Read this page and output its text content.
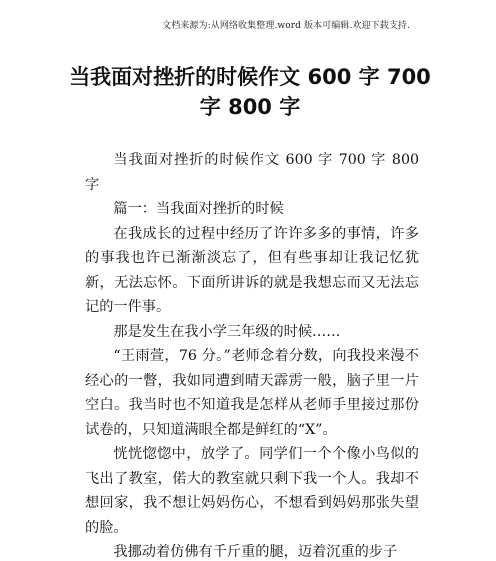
文档来源为:从网络收集整理.word 版本可编辑.欢迎下载支持.
当我面对挫折的时候作文 600 字 700 字 800 字

当我面对挫折的时候作文 600 字 700 字 800 字

篇一：当我面对挫折的时候

在我成长的过程中经历了许许多多的事情，许多的事我也许已渐渐淡忘了，但有些事却让我记忆犹新，无法忘怀。下面所讲诉的就是我想忘而又无法忘记的一件事。

那是发生在我小学三年级的时候……

“王雨萱，76 分。”老师念着分数，向我投来漫不经心的一瞥，我如同遭到晴天霹雳一般，脑子里一片空白。我当时也不知道我是怎样从老师手里接过那份试卷的，只知道满眼全都是鲜红的“X”。

恍恍惚惚中，放学了。同学们一个个像小鸟似的飞出了教室，偌大的教室就只剩下我一个人。我却不想回家，我不想让妈妈伤心，不想看到妈妈那张失望的脸。

我挪动着仿佛有千斤重的腿，迈着沉重的步子
